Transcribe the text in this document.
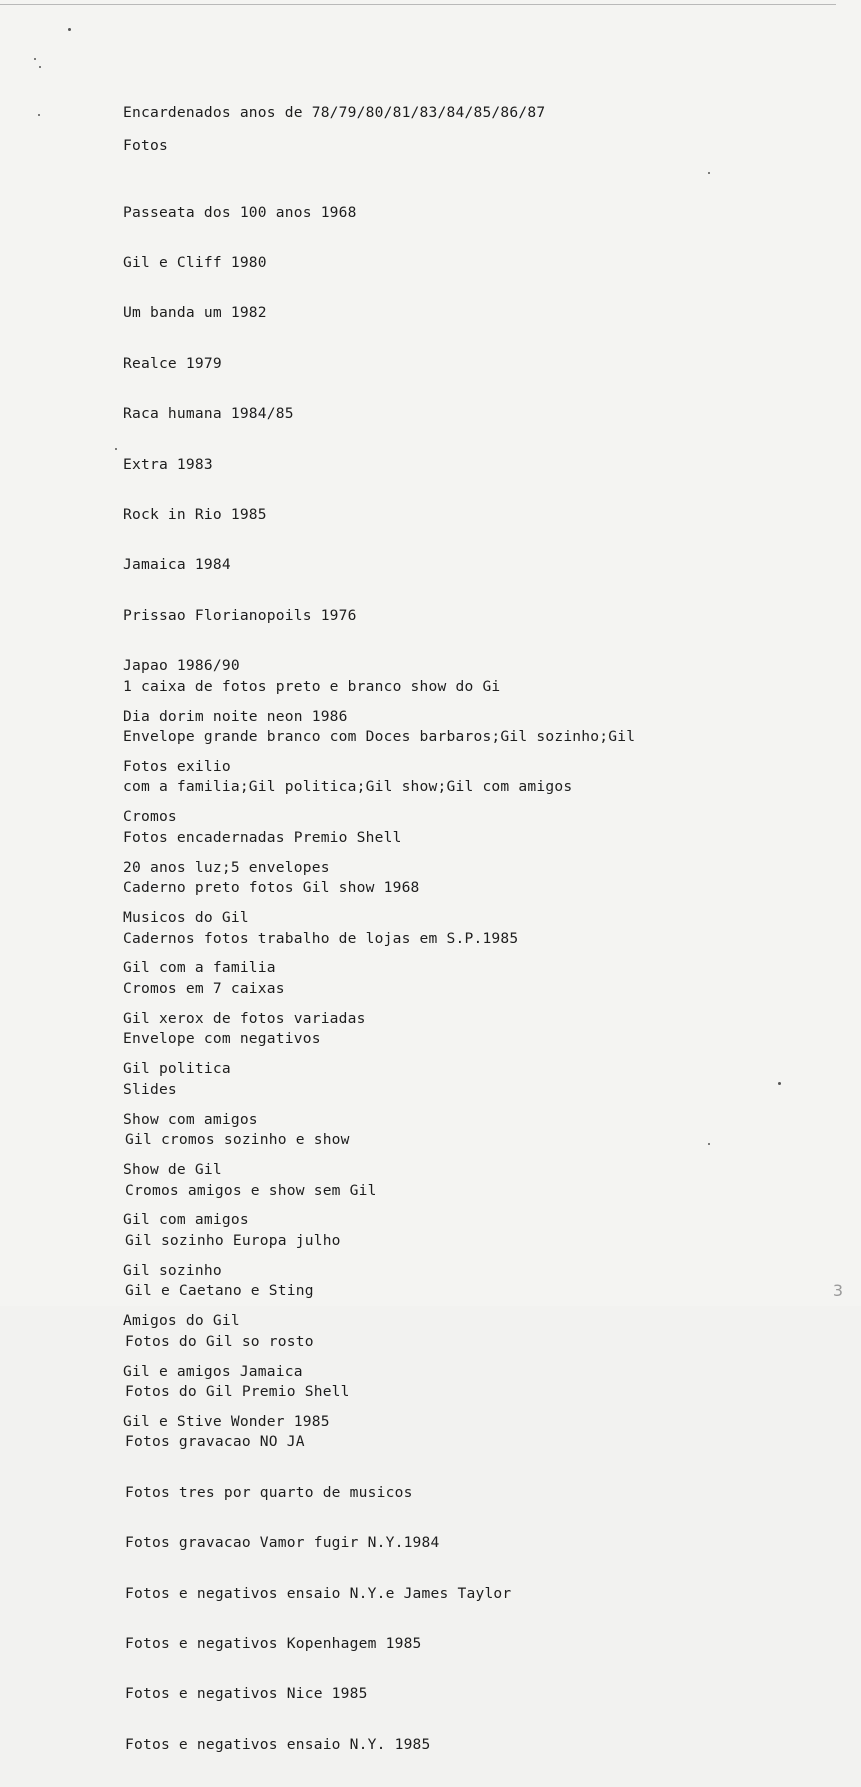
Encardenados anos de 78/79/80/81/83/84/85/86/87
Fotos

Passeata dos 100 anos 1968

Gil e Cliff 1980

Um banda um 1982

Realce 1979

Raca humana 1984/85

Extra 1983

Rock in Rio 1985

Jamaica 1984

Prissao Florianopoils 1976

Japao 1986/90

Dia dorim noite neon 1986

Fotos exilio

Cromos

20 anos luz;5 envelopes

Musicos do Gil

Gil com a familia

Gil xerox de fotos variadas

Gil politica

Show com amigos

Show de Gil

Gil com amigos

Gil sozinho

Amigos do Gil

Gil e amigos Jamaica

Gil e Stive Wonder 1985

1 caixa de fotos preto e branco show do Gi

Envelope grande branco com Doces barbaros;Gil sozinho;Gil

com a familia;Gil politica;Gil show;Gil com amigos

Fotos encadernadas Premio Shell

Caderno preto fotos Gil show 1968

Cadernos fotos trabalho de lojas em S.P.1985

Cromos em 7 caixas

Envelope com negativos

Slides

Gil cromos sozinho e show

Cromos amigos e show sem Gil

Gil sozinho Europa julho

Gil e Caetano e Sting

Fotos do Gil so rosto

Fotos do Gil Premio Shell

Fotos gravacao NO JA

Fotos tres por quarto de musicos

Fotos gravacao Vamor fugir N.Y.1984

Fotos e negativos ensaio N.Y.e James Taylor

Fotos e negativos Kopenhagem 1985

Fotos e negativos Nice 1985

Fotos e negativos ensaio N.Y. 1985

3
